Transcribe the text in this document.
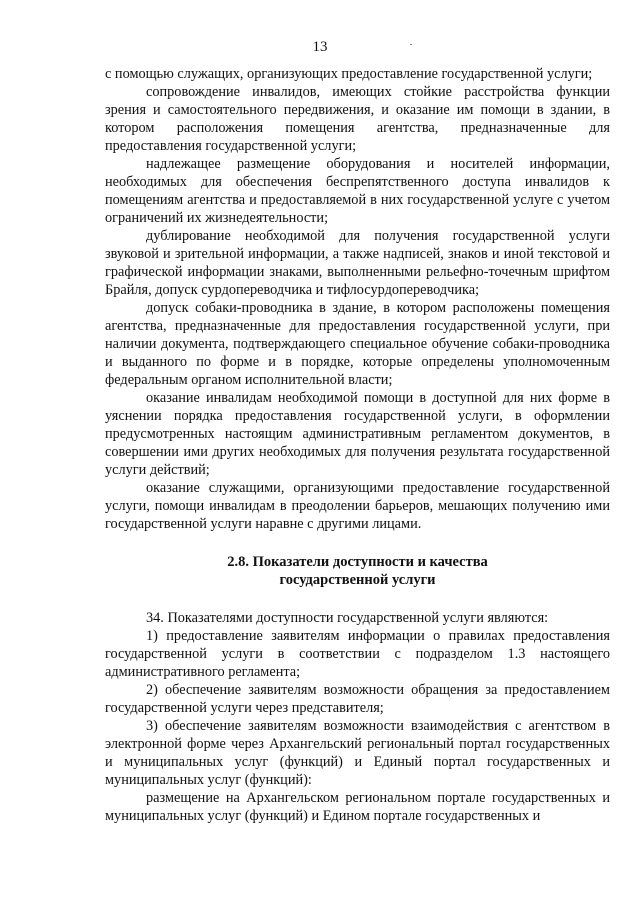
13

с помощью служащих, организующих предоставление государственной услуги;

сопровождение инвалидов, имеющих стойкие расстройства функции зрения и самостоятельного передвижения, и оказание им помощи в здании, в котором расположения помещения агентства, предназначенные для предоставления государственной услуги;

надлежащее размещение оборудования и носителей информации, необходимых для обеспечения беспрепятственного доступа инвалидов к помещениям агентства и предоставляемой в них государственной услуге с учетом ограничений их жизнедеятельности;

дублирование необходимой для получения государственной услуги звуковой и зрительной информации, а также надписей, знаков и иной текстовой и графической информации знаками, выполненными рельефно-точечным шрифтом Брайля, допуск сурдопереводчика и тифлосурдопереводчика;

допуск собаки-проводника в здание, в котором расположены помещения агентства, предназначенные для предоставления государственной услуги, при наличии документа, подтверждающего специальное обучение собаки-проводника и выданного по форме и в порядке, которые определены уполномоченным федеральным органом исполнительной власти;

оказание инвалидам необходимой помощи в доступной для них форме в уяснении порядка предоставления государственной услуги, в оформлении предусмотренных настоящим административным регламентом документов, в совершении ими других необходимых для получения результата государственной услуги действий;

оказание служащими, организующими предоставление государственной услуги, помощи инвалидам в преодолении барьеров, мешающих получению ими государственной услуги наравне с другими лицами.

2.8. Показатели доступности и качества
государственной услуги

34. Показателями доступности государственной услуги являются:

1) предоставление заявителям информации о правилах предоставления государственной услуги в соответствии с подразделом 1.3 настоящего административного регламента;

2) обеспечение заявителям возможности обращения за предоставлением государственной услуги через представителя;

3) обеспечение заявителям возможности взаимодействия с агентством в электронной форме через Архангельский региональный портал государственных и муниципальных услуг (функций) и Единый портал государственных и муниципальных услуг (функций):

размещение на Архангельском региональном портале государственных и муниципальных услуг (функций) и Едином портале государственных и
